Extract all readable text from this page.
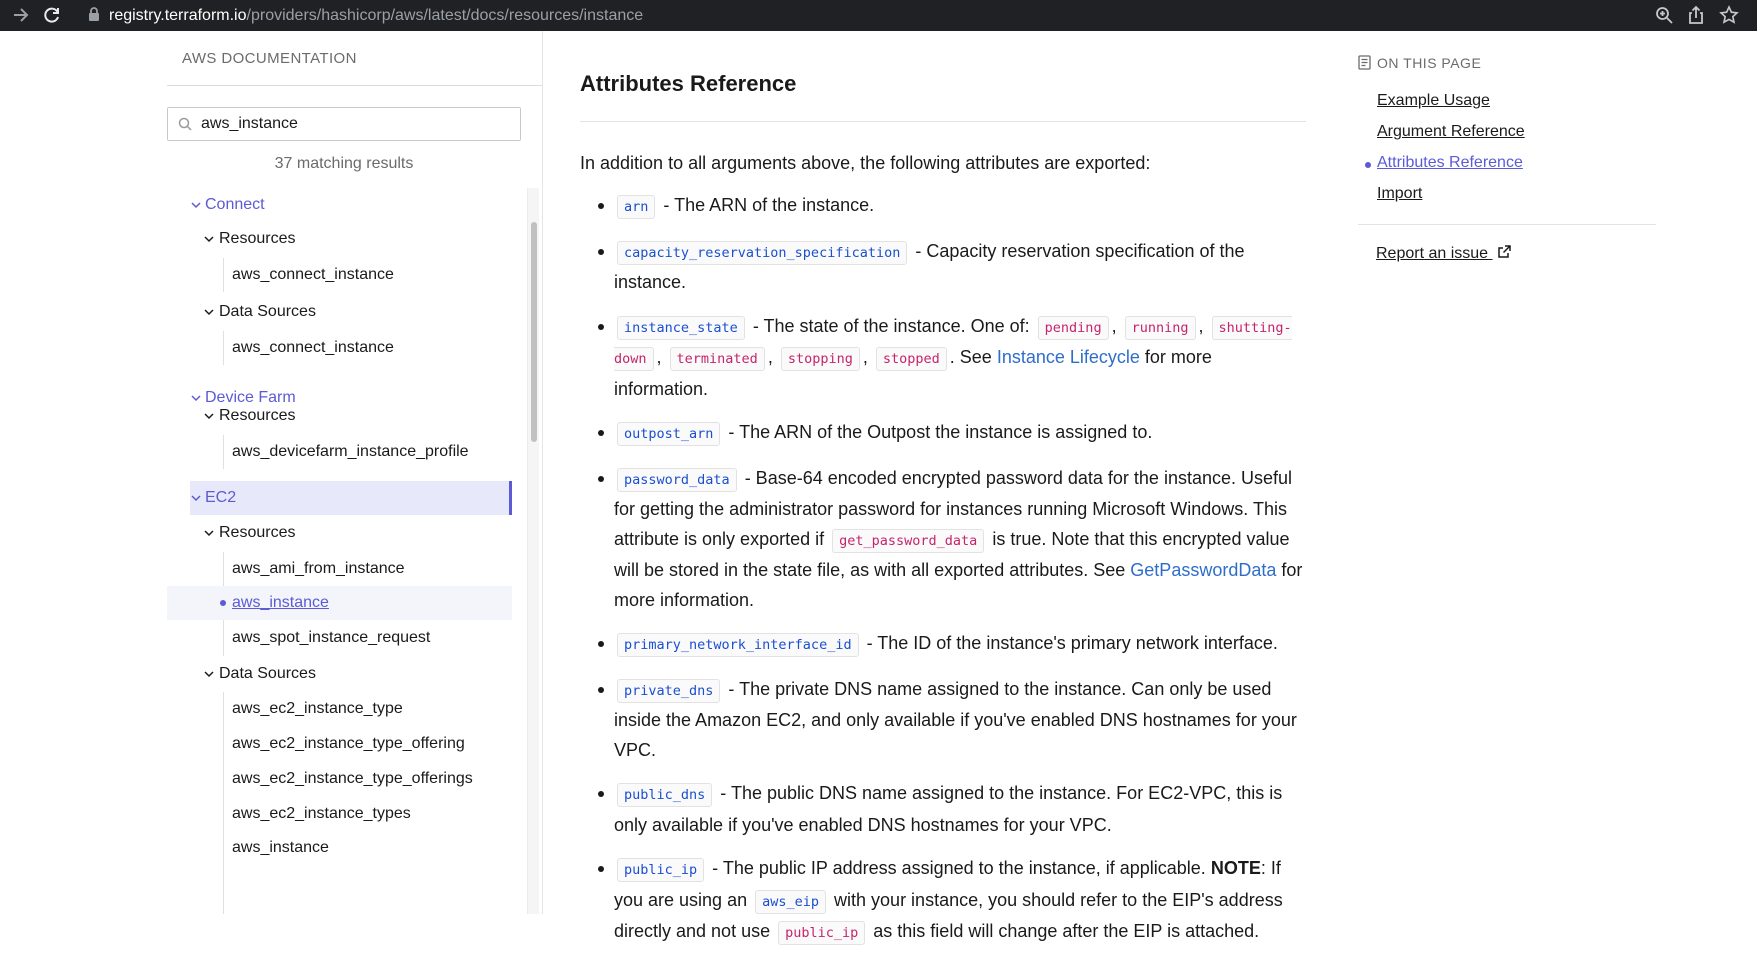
registry.terraform.io/providers/hashicorp/aws/latest/docs/resources/instance
AWS DOCUMENTATION
aws_instance
37 matching results
Connect
Resources
aws_connect_instance
Data Sources
aws_connect_instance
Device Farm
Resources
aws_devicefarm_instance_profile
EC2
Resources
aws_ami_from_instance
aws_instance
aws_spot_instance_request
Data Sources
aws_ec2_instance_type
aws_ec2_instance_type_offering
aws_ec2_instance_type_offerings
aws_ec2_instance_types
aws_instance
Attributes Reference
In addition to all arguments above, the following attributes are exported:
arn - The ARN of the instance.
capacity_reservation_specification - Capacity reservation specification of the instance.
instance_state - The state of the instance. One of: pending , running , shutting-down , terminated , stopping , stopped . See Instance Lifecycle for more information.
outpost_arn - The ARN of the Outpost the instance is assigned to.
password_data - Base-64 encoded encrypted password data for the instance. Useful for getting the administrator password for instances running Microsoft Windows. This attribute is only exported if get_password_data is true. Note that this encrypted value will be stored in the state file, as with all exported attributes. See GetPasswordData for more information.
primary_network_interface_id - The ID of the instance's primary network interface.
private_dns - The private DNS name assigned to the instance. Can only be used inside the Amazon EC2, and only available if you've enabled DNS hostnames for your VPC.
public_dns - The public DNS name assigned to the instance. For EC2-VPC, this is only available if you've enabled DNS hostnames for your VPC.
public_ip - The public IP address assigned to the instance, if applicable. NOTE: If you are using an aws_eip with your instance, you should refer to the EIP's address directly and not use public_ip as this field will change after the EIP is attached.
ON THIS PAGE
Example Usage
Argument Reference
Attributes Reference
Import
Report an issue
